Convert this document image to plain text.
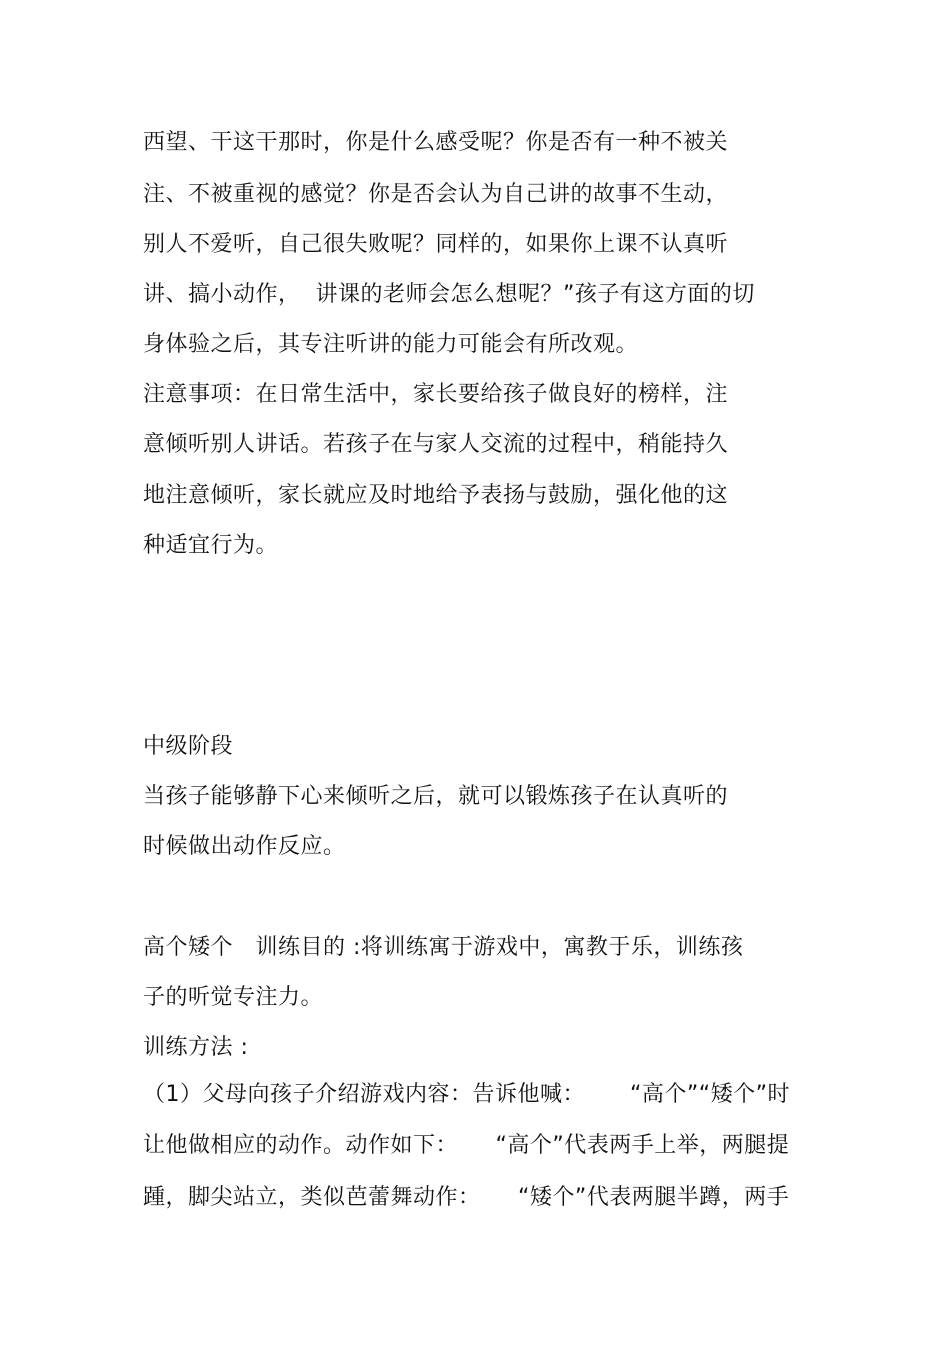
西望、干这干那时，你是什么感受呢？你是否有一种不被关
注、不被重视的感觉？你是否会认为自己讲的故事不生动，
别人不爱听，自己很失败呢？同样的，如果你上课不认真听
讲、搞小动作，  讲课的老师会怎么想呢？”孩子有这方面的切
身体验之后，其专注听讲的能力可能会有所改观。
注意事项：在日常生活中，家长要给孩子做良好的榜样，注
意倾听别人讲话。若孩子在与家人交流的过程中，稍能持久
地注意倾听，家长就应及时地给予表扬与鼓励，强化他的这
种适宜行为。
中级阶段
当孩子能够静下心来倾听之后，就可以锻炼孩子在认真听的
时候做出动作反应。
高个矮个   训练目的 :将训练寓于游戏中，寓教于乐，训练孩
子的听觉专注力。
训练方法 :
（1）父母向孩子介绍游戏内容：告诉他喊：      “高个”“矮个”时
让他做相应的动作。动作如下：     “高个”代表两手上举，两腿提
踵，脚尖站立，类似芭蕾舞动作：     “矮个”代表两腿半蹲，两手
